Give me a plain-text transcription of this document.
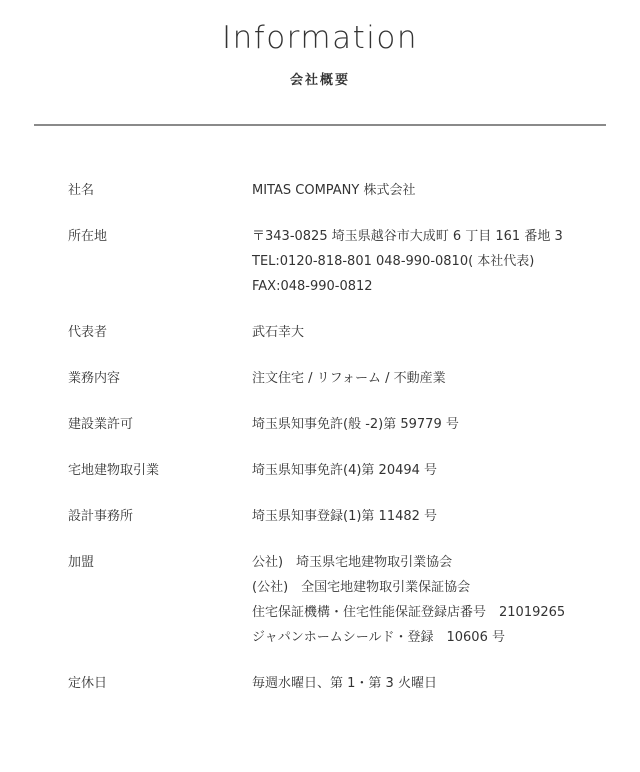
Information
会社概要
社名	MITAS COMPANY 株式会社
所在地	〒343-0825 埼玉県越谷市大成町 6 丁目 161 番地 3
TEL:0120-818-801 048-990-0810( 本社代表)
FAX:048-990-0812
代表者	武石幸大
業務内容	注文住宅 / リフォーム / 不動産業
建設業許可	埼玉県知事免許(般 -2)第 59779 号
宅地建物取引業	埼玉県知事免許(4)第 20494 号
設計事務所	埼玉県知事登録(1)第 11482 号
加盟	公社)　埼玉県宅地建物取引業協会
(公社)　全国宅地建物取引業保証協会
住宅保証機構・住宅性能保証登録店番号　21019265
ジャパンホームシールド・登録　10606 号
定休日	毎週水曜日、第 1・第 3 火曜日
